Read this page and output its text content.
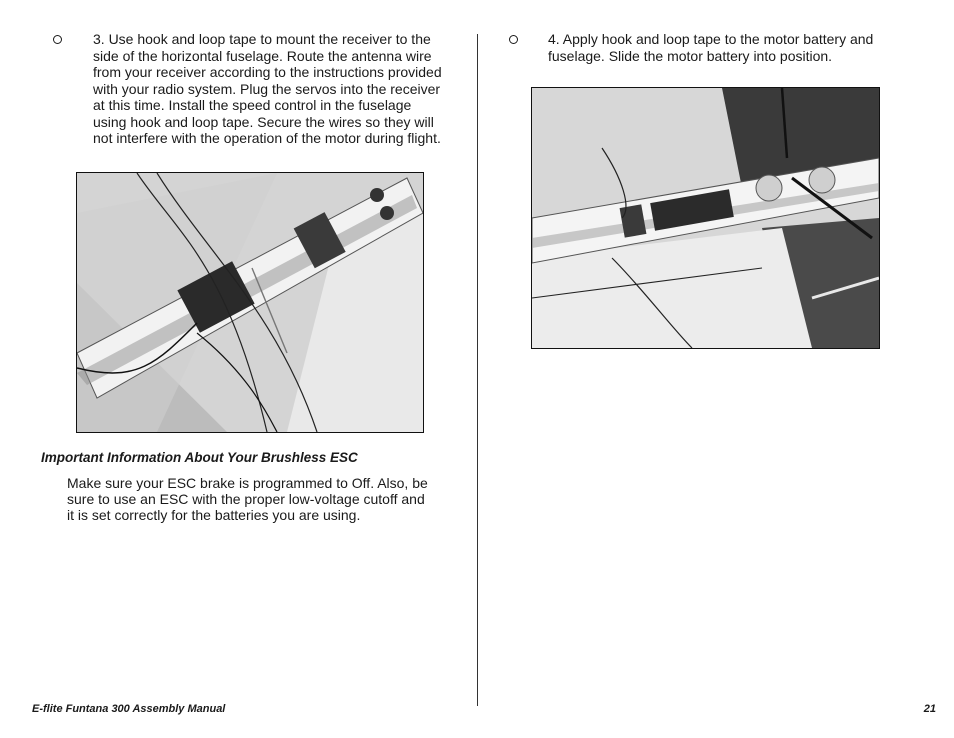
3. Use hook and loop tape to mount the receiver to the side of the horizontal fuselage. Route the antenna wire from your receiver according to the instructions provided with your radio system. Plug the servos into the receiver at this time. Install the speed control in the fuselage using hook and loop tape. Secure the wires so they will not interfere with the operation of the motor during flight.

Important Information About Your Brushless ESC

Make sure your ESC brake is programmed to Off. Also, be sure to use an ESC with the proper low-voltage cutoff and it is set correctly for the batteries you are using.

4. Apply hook and loop tape to the motor battery and fuselage. Slide the motor battery into position.

E-flite Funtana 300 Assembly Manual	21
